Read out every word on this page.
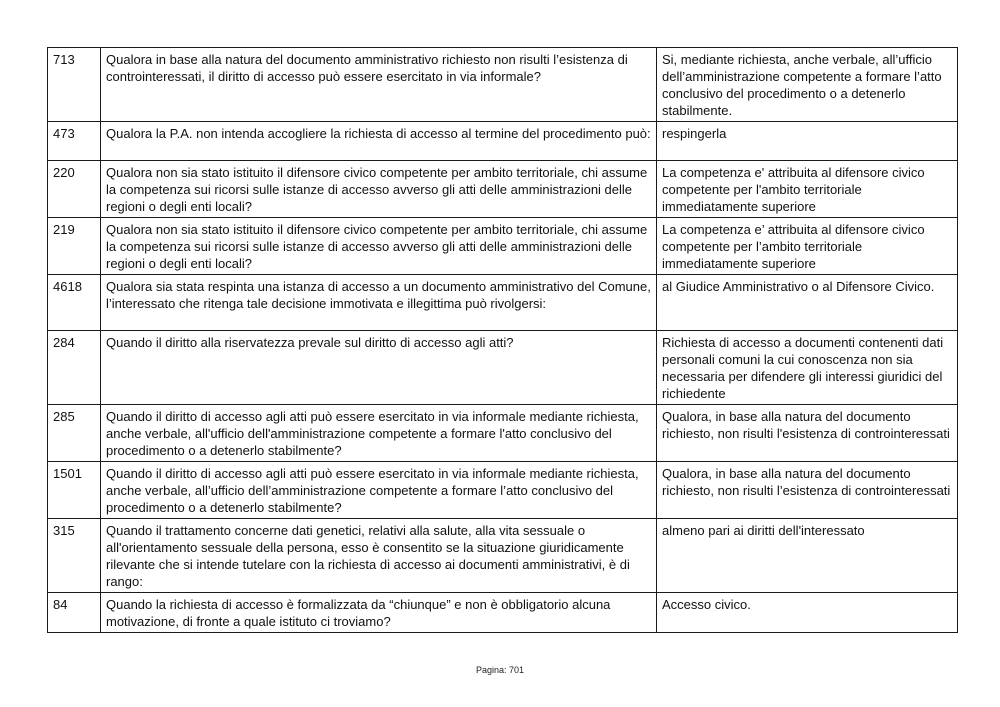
713	Qualora in base alla natura del documento amministrativo richiesto non risulti l’esistenza di controinteressati, il diritto di accesso può essere esercitato in via informale?	Si, mediante richiesta, anche verbale, all’ufficio dell’amministrazione competente a formare l’atto conclusivo del procedimento o a detenerlo stabilmente.
473	Qualora la P.A. non intenda accogliere la richiesta di accesso al termine del procedimento può:	respingerla
220	Qualora non sia stato istituito il difensore civico competente per ambito territoriale, chi assume la competenza sui ricorsi sulle istanze di accesso avverso gli atti delle amministrazioni delle regioni o degli enti locali?	La competenza e' attribuita al difensore civico competente per l'ambito territoriale immediatamente superiore
219	Qualora non sia stato istituito il difensore civico competente per ambito territoriale, chi assume la competenza sui ricorsi sulle istanze di accesso avverso gli atti delle amministrazioni delle regioni o degli enti locali?	La competenza e’ attribuita al difensore civico competente per l’ambito territoriale immediatamente superiore
4618	Qualora sia stata respinta una istanza di accesso a un documento amministrativo del Comune, l’interessato che ritenga tale decisione immotivata e illegittima può rivolgersi:	al Giudice Amministrativo o al Difensore Civico.
284	Quando il diritto alla riservatezza prevale sul diritto di accesso agli atti?	Richiesta di accesso a documenti contenenti dati personali comuni la cui conoscenza non sia necessaria per difendere gli interessi giuridici del richiedente
285	Quando il diritto di accesso agli atti può essere esercitato in via informale mediante richiesta, anche verbale, all'ufficio dell'amministrazione competente a formare l'atto conclusivo del procedimento o a detenerlo stabilmente?	Qualora, in base alla natura del documento richiesto, non risulti l'esistenza di controinteressati
1501	Quando il diritto di accesso agli atti può essere esercitato in via informale mediante richiesta, anche verbale, all’ufficio dell’amministrazione competente a formare l’atto conclusivo del procedimento o a detenerlo stabilmente?	Qualora, in base alla natura del documento richiesto, non risulti l’esistenza di controinteressati
315	Quando il trattamento concerne dati genetici, relativi alla salute, alla vita sessuale o all'orientamento sessuale della persona, esso è consentito se la situazione giuridicamente rilevante che si intende tutelare con la richiesta di accesso ai documenti amministrativi, è di rango:	almeno pari ai diritti dell'interessato
84	Quando la richiesta di accesso è formalizzata da “chiunque” e non è obbligatorio alcuna motivazione, di fronte a quale istituto ci troviamo?	Accesso civico.
Pagina: 701
